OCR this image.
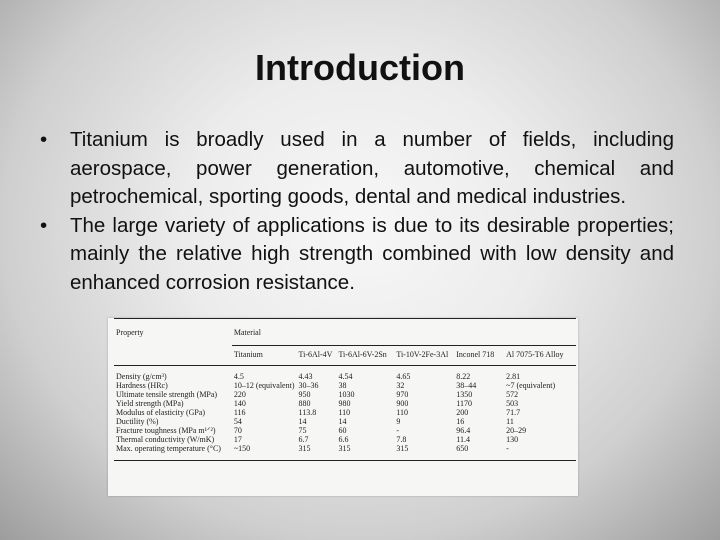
Introduction
• Titanium is broadly used in a number of fields, including aerospace, power generation, automotive, chemical and petrochemical, sporting goods, dental and medical industries.
• The large variety of applications is due to its desirable properties; mainly the relative high strength combined with low density and enhanced corrosion resistance.
Property	Material					
	Titanium	Ti-6Al-4V	Ti-6Al-6V-2Sn	Ti-10V-2Fe-3Al	Inconel 718	Al 7075-T6 Alloy
Density (g/cm³)	4.5	4.43	4.54	4.65	8.22	2.81
Hardness (HRc)	10–12 (equivalent)	30–36	38	32	38–44	~7 (equivalent)
Ultimate tensile strength (MPa)	220	950	1030	970	1350	572
Yield strength (MPa)	140	880	980	900	1170	503
Modulus of elasticity (GPa)	116	113.8	110	110	200	71.7
Ductility (%)	54	14	14	9	16	11
Fracture toughness (MPa m¹ᐟ²)	70	75	60	-	96.4	20–29
Thermal conductivity (W/mK)	17	6.7	6.6	7.8	11.4	130
Max. operating temperature (°C)	~150	315	315	315	650	-
